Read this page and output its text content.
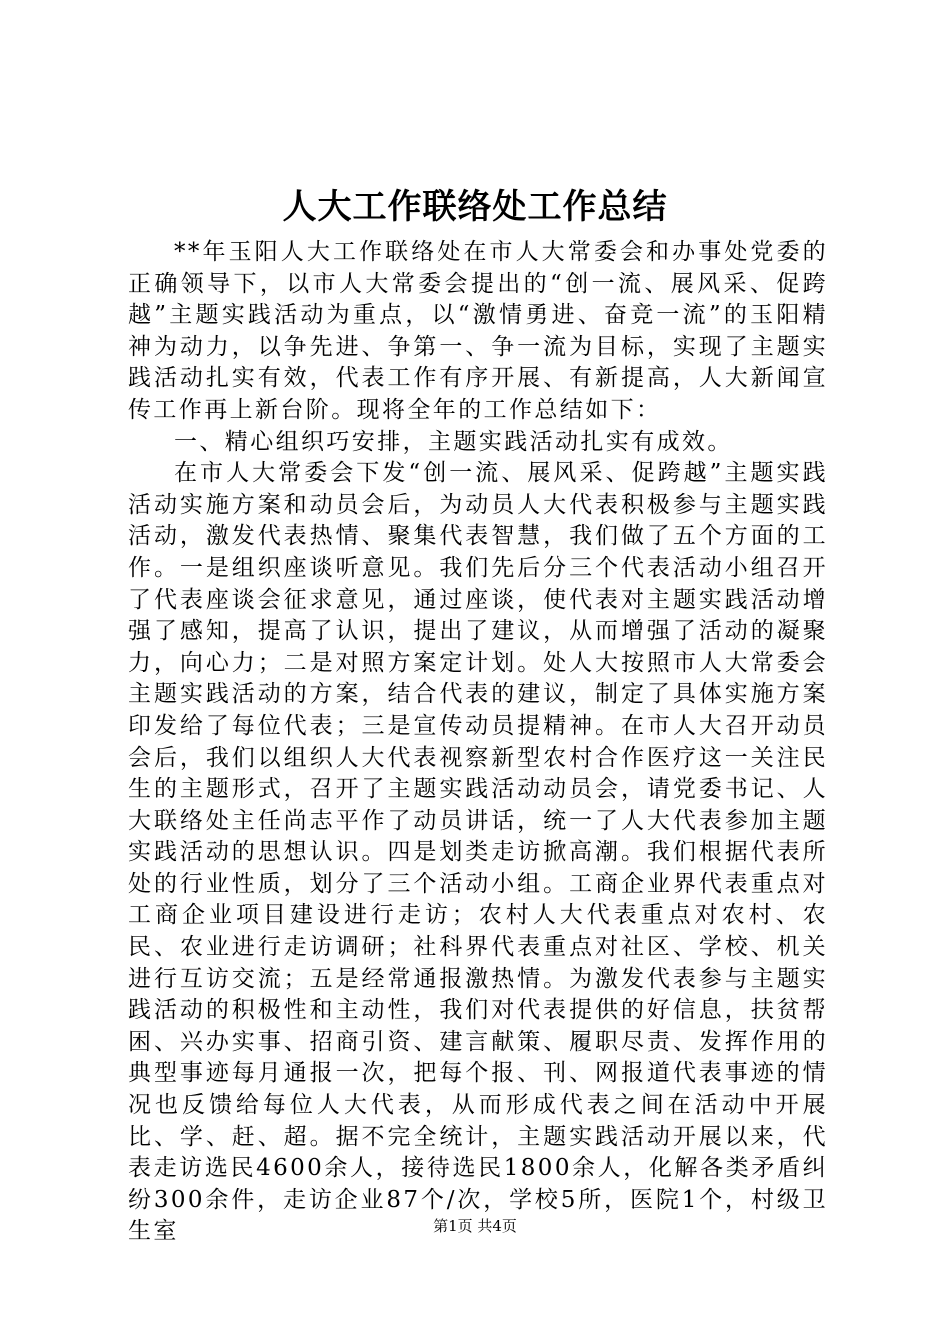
人大工作联络处工作总结

**年玉阳人大工作联络处在市人大常委会和办事处党委的正确领导下，以市人大常委会提出的“创一流、展风采、促跨越”主题实践活动为重点，以“激情勇进、奋竞一流”的玉阳精神为动力，以争先进、争第一、争一流为目标，实现了主题实践活动扎实有效，代表工作有序开展、有新提高，人大新闻宣传工作再上新台阶。现将全年的工作总结如下：

一、精心组织巧安排，主题实践活动扎实有成效。

在市人大常委会下发“创一流、展风采、促跨越”主题实践活动实施方案和动员会后，为动员人大代表积极参与主题实践活动，激发代表热情、聚集代表智慧，我们做了五个方面的工作。一是组织座谈听意见。我们先后分三个代表活动小组召开了代表座谈会征求意见，通过座谈，使代表对主题实践活动增强了感知，提高了认识，提出了建议，从而增强了活动的凝聚力，向心力；二是对照方案定计划。处人大按照市人大常委会主题实践活动的方案，结合代表的建议，制定了具体实施方案印发给了每位代表；三是宣传动员提精神。在市人大召开动员会后，我们以组织人大代表视察新型农村合作医疗这一关注民生的主题形式，召开了主题实践活动动员会，请党委书记、人大联络处主任尚志平作了动员讲话，统一了人大代表参加主题实践活动的思想认识。四是划类走访掀高潮。我们根据代表所处的行业性质，划分了三个活动小组。工商企业界代表重点对工商企业项目建设进行走访；农村人大代表重点对农村、农民、农业进行走访调研；社科界代表重点对社区、学校、机关进行互访交流；五是经常通报激热情。为激发代表参与主题实践活动的积极性和主动性，我们对代表提供的好信息，扶贫帮困、兴办实事、招商引资、建言献策、履职尽责、发挥作用的典型事迹每月通报一次，把每个报、刊、网报道代表事迹的情况也反馈给每位人大代表，从而形成代表之间在活动中开展比、学、赶、超。据不完全统计，主题实践活动开展以来，代表走访选民4600余人，接待选民1800余人，化解各类矛盾纠纷300余件，走访企业87个/次，学校5所，医院1个，村级卫生室	第1页 共4页
